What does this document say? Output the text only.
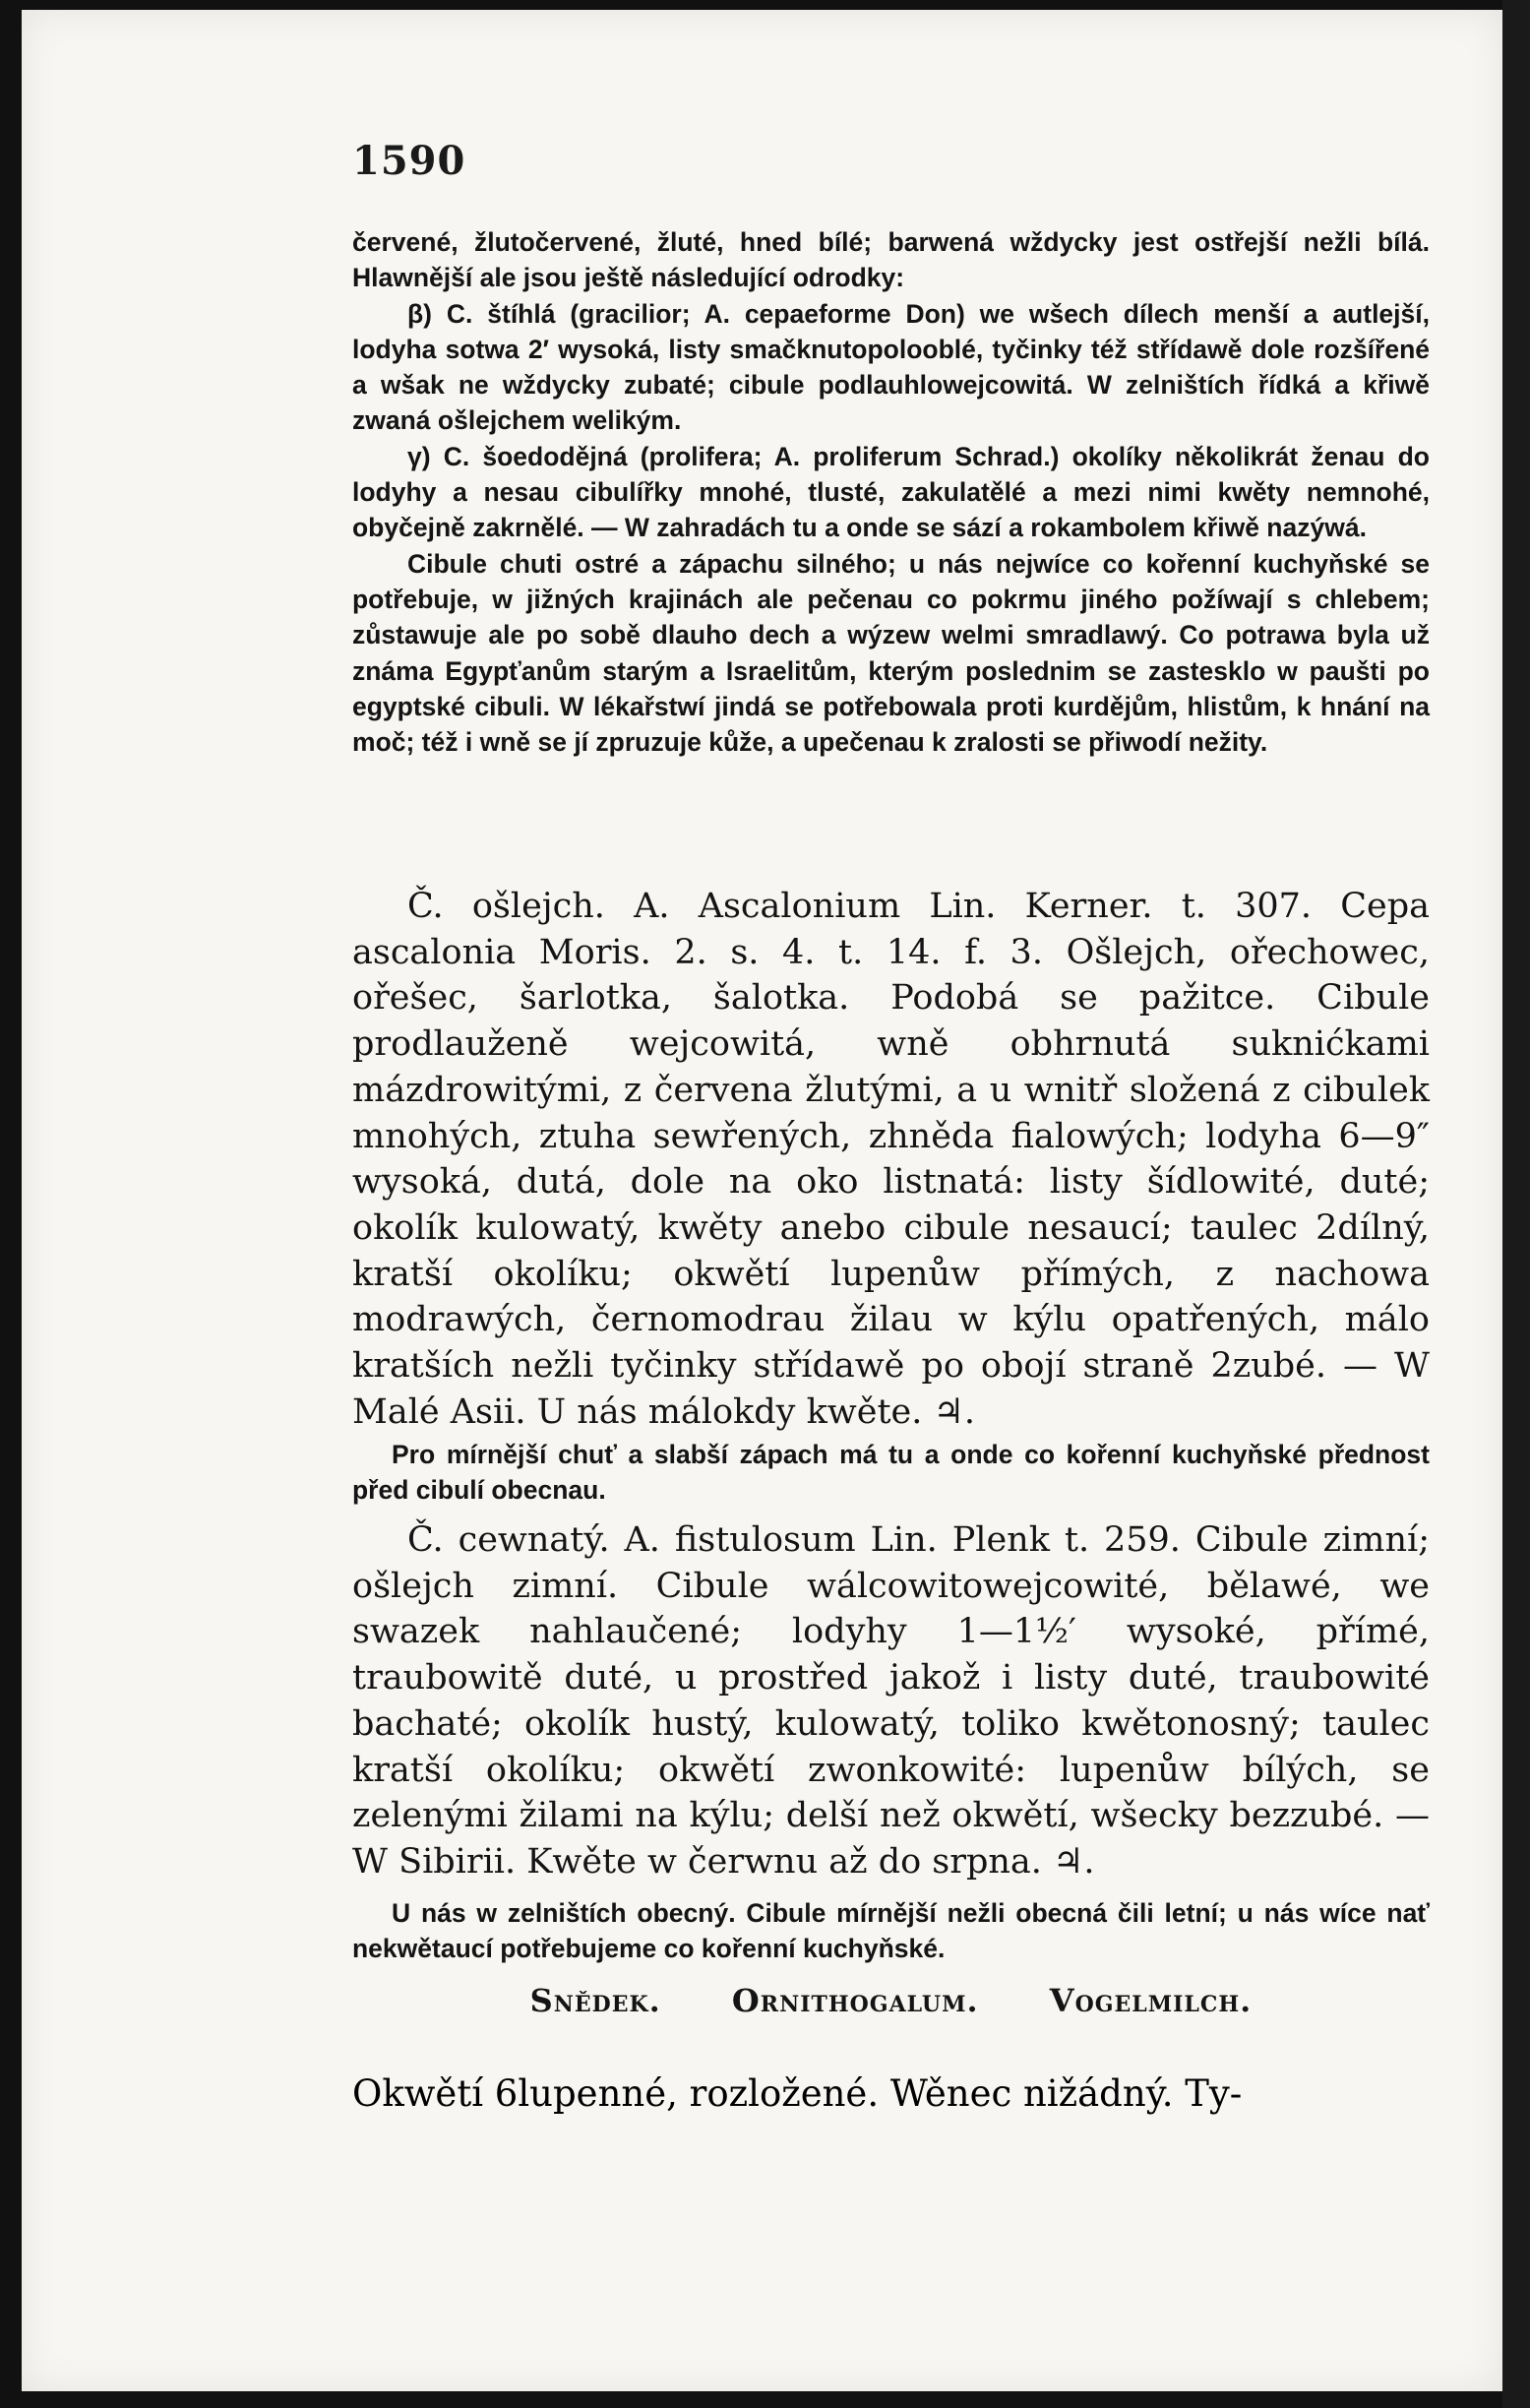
1590

červené, žlutočervené, žluté, hned bílé; barwená wždycky jest ostřejší nežli bílá. Hlawnější ale jsou ještě následující odrodky:

β) C. štíhlá (gracilior; A. cepaeforme Don) we wšech dílech menší a autlejší, lodyha sotwa 2′ wysoká, listy smačknutopolooblé, tyčinky též střídawě dole rozšířené a wšak ne wždycky zubaté; cibule podlauhlowejcowitá. W zelništích řídká a křiwě zwaná ošlejchem welikým.

γ) C. šoedodějná (prolifera; A. proliferum Schrad.) okolíky několikrát ženau do lodyhy a nesau cibulířky mnohé, tlusté, zakulatělé a mezi nimi kwěty nemnohé, obyčejně zakrnělé. — W zahradách tu a onde se sází a rokambolem křiwě nazýwá.

Cibule chuti ostré a zápachu silného; u nás nejwíce co kořenní kuchyňské se potřebuje, w jižných krajinách ale pečenau co pokrmu jiného požíwají s chlebem; zůstawuje ale po sobě dlauho dech a wýzew welmi smradlawý. Co potrawa byla už známa Egypťanům starým a Israelitům, kterým poslednim se zastesklo w paušti po egyptské cibuli. W lékařstwí jindá se potřebowala proti kurdějům, hlistům, k hnání na moč; též i wně se jí zpruzuje kůže, a upečenau k zralosti se přiwodí nežity.

Č. ošlejch. A. Ascalonium Lin. Kerner. t. 307. Cepa ascalonia Moris. 2. s. 4. t. 14. f. 3. Ošlejch, ořechowec, ořešec, šarlotka, šalotka. Podobá se pažitce. Cibule prodlauženě wejcowitá, wně obhrnutá suknićkami mázdrowitými, z červena žlutými, a u wnitř složená z cibulek mnohých, ztuha sewřených, zhněda fialowých; lodyha 6—9″ wysoká, dutá, dole na oko listnatá: listy šídlowité, duté; okolík kulowatý, kwěty anebo cibule nesaucí; taulec 2dílný, kratší okolíku; okwětí lupenůw přímých, z nachowa modrawých, černomodrau žilau w kýlu opatřených, málo kratších nežli tyčinky střídawě po obojí straně 2zubé. — W Malé Asii. U nás málokdy kwěte. ♃.

Pro mírnější chuť a slabší zápach má tu a onde co kořenní kuchyňské přednost před cibulí obecnau.

Č. cewnatý. A. fistulosum Lin. Plenk t. 259. Cibule zimní; ošlejch zimní. Cibule wálcowitowejcowité, bělawé, we swazek nahlaučené; lodyhy 1—1½′ wysoké, přímé, traubowitě duté, u prostřed jakož i listy duté, traubowité bachaté; okolík hustý, kulowatý, toliko kwětonosný; taulec kratší okolíku; okwětí zwonkowité: lupenůw bílých, se zelenými žilami na kýlu; delší než okwětí, wšecky bezzubé. — W Sibirii. Kwěte w čerwnu až do srpna. ♃.

U nás w zelništích obecný. Cibule mírnější nežli obecná čili letní; u nás wíce nať nekwětaucí potřebujeme co kořenní kuchyňské.

Snědek. Ornithogalum. Vogelmilch.

Okwětí 6lupenné, rozložené. Wěnec nižádný. Ty-
